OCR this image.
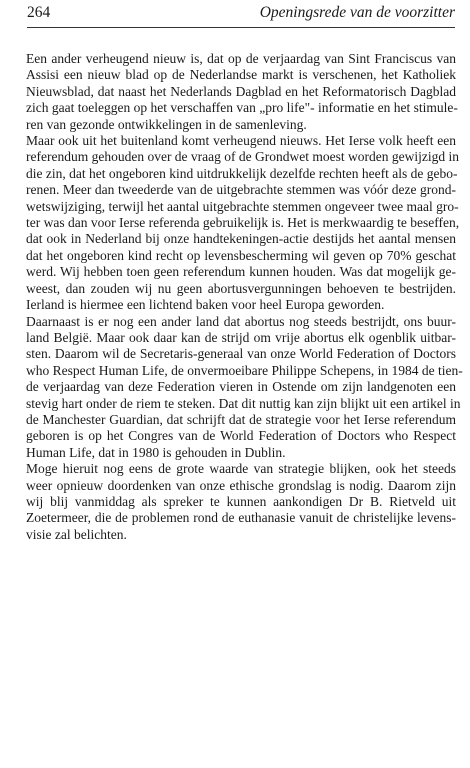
264	Openingsrede van de voorzitter

Een ander verheugend nieuw is, dat op de verjaardag van Sint Franciscus van
Assisi een nieuw blad op de Nederlandse markt is verschenen, het Katholiek
Nieuwsblad, dat naast het Nederlands Dagblad en het Reformatorisch Dagblad
zich gaat toeleggen op het verschaffen van „pro life"- informatie en het stimule-
ren van gezonde ontwikkelingen in de samenleving.

Maar ook uit het buitenland komt verheugend nieuws. Het Ierse volk heeft een
referendum gehouden over de vraag of de Grondwet moest worden gewijzigd in
die zin, dat het ongeboren kind uitdrukkelijk dezelfde rechten heeft als de gebo-
renen. Meer dan tweederde van de uitgebrachte stemmen was vóór deze grond-
wetswijziging, terwijl het aantal uitgebrachte stemmen ongeveer twee maal gro-
ter was dan voor Ierse referenda gebruikelijk is. Het is merkwaardig te beseffen,
dat ook in Nederland bij onze handtekeningen-actie destijds het aantal mensen
dat het ongeboren kind recht op levensbescherming wil geven op 70% geschat
werd. Wij hebben toen geen referendum kunnen houden. Was dat mogelijk ge-
weest, dan zouden wij nu geen abortusvergunningen behoeven te bestrijden.
Ierland is hiermee een lichtend baken voor heel Europa geworden.

Daarnaast is er nog een ander land dat abortus nog steeds bestrijdt, ons buur-
land België. Maar ook daar kan de strijd om vrije abortus elk ogenblik uitbar-
sten. Daarom wil de Secretaris-generaal van onze World Federation of Doctors
who Respect Human Life, de onvermoeibare Philippe Schepens, in 1984 de tien-
de verjaardag van deze Federation vieren in Ostende om zijn landgenoten een
stevig hart onder de riem te steken. Dat dit nuttig kan zijn blijkt uit een artikel in
de Manchester Guardian, dat schrijft dat de strategie voor het Ierse referendum
geboren is op het Congres van de World Federation of Doctors who Respect
Human Life, dat in 1980 is gehouden in Dublin.

Moge hieruit nog eens de grote waarde van strategie blijken, ook het steeds
weer opnieuw doordenken van onze ethische grondslag is nodig. Daarom zijn
wij blij vanmiddag als spreker te kunnen aankondigen Dr B. Rietveld uit
Zoetermeer, die de problemen rond de euthanasie vanuit de christelijke levens-
visie zal belichten.
